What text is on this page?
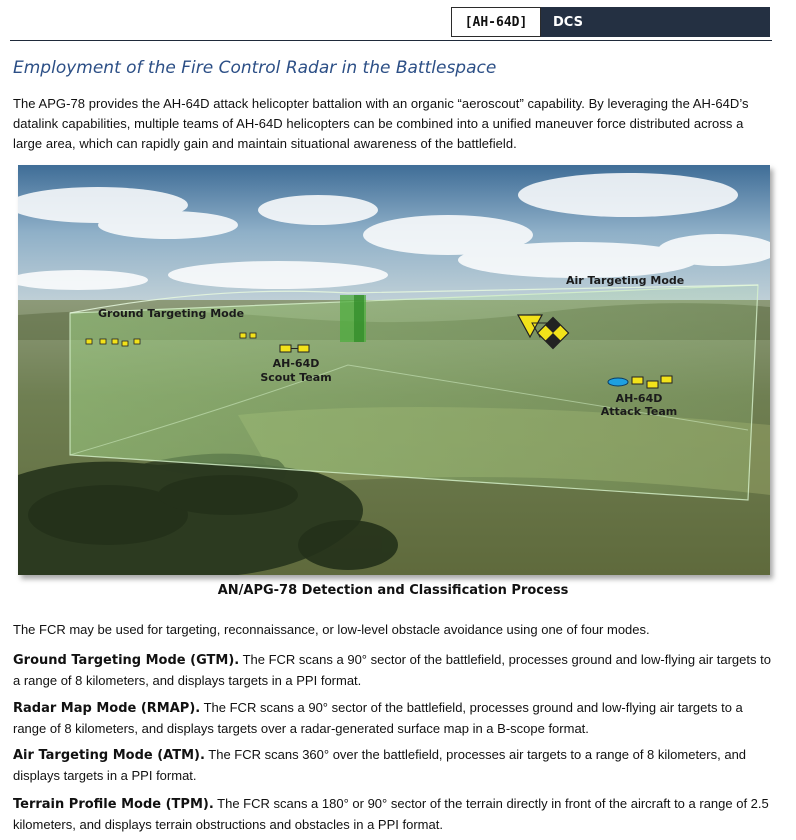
[AH-64D]	DCS
Employment of the Fire Control Radar in the Battlespace

The APG-78 provides the AH-64D attack helicopter battalion with an organic “aeroscout” capability. By leveraging the AH-64D’s datalink capabilities, multiple teams of AH-64D helicopters can be combined into a unified maneuver force distributed across a large area, which can rapidly gain and maintain situational awareness of the battlefield.

Air Targeting Mode
Ground Targeting Mode
AH-64D
Scout Team
AH-64D
Attack Team
AN/APG-78 Detection and Classification Process

The FCR may be used for targeting, reconnaissance, or low-level obstacle avoidance using one of four modes.

Ground Targeting Mode (GTM). The FCR scans a 90° sector of the battlefield, processes ground and low-flying air targets to a range of 8 kilometers, and displays targets in a PPI format.

Radar Map Mode (RMAP). The FCR scans a 90° sector of the battlefield, processes ground and low-flying air targets to a range of 8 kilometers, and displays targets over a radar-generated surface map in a B-scope format.

Air Targeting Mode (ATM). The FCR scans 360° over the battlefield, processes air targets to a range of 8 kilometers, and displays targets in a PPI format.

Terrain Profile Mode (TPM). The FCR scans a 180° or 90° sector of the terrain directly in front of the aircraft to a range of 2.5 kilometers, and displays terrain obstructions and obstacles in a PPI format.
